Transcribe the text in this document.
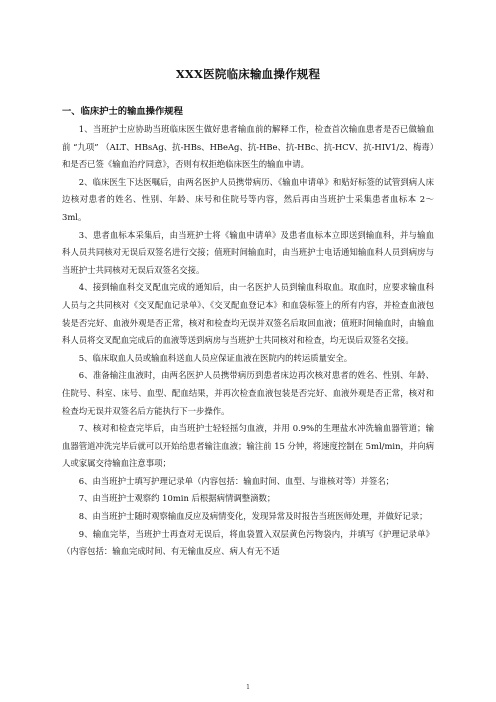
XXX医院临床输血操作规程
一、临床护士的输血操作规程

1、当班护士应协助当班临床医生做好患者输血前的解释工作，检查首次输血患者是否已做输血前 “九项” （ALT、HBsAg、抗-HBs、HBeAg、抗-HBe、抗-HBc、抗-HCV、抗-HIV1/2、梅毒）和是否已签《输血治疗同意》，否则有权拒绝临床医生的输血申请。

2、临床医生下达医嘱后，由两名医护人员携带病历、《输血申请单》和贴好标签的试管到病人床边核对患者的姓名、性别、年龄、床号和住院号等内容，然后再由当班护士采集患者血标本 2～3ml。

3、患者血标本采集后，由当班护士将《输血申请单》及患者血标本立即送到输血科，并与输血科人员共同核对无误后双签名进行交接；值班时间输血时，由当班护士电话通知输血科人员到病房与当班护士共同核对无误后双签名交接。

4、接到输血科交叉配血完成的通知后，由一名医护人员到输血科取血。取血时，应要求输血科人员与之共同核对《交叉配血记录单》、《交叉配血登记本》和血袋标签上的所有内容，并检查血液包装是否完好、血液外观是否正常，核对和检查均无误并双签名后取回血液；值班时间输血时，由输血科人员将交叉配血完成后的血液等送到病房与当班护士共同核对和检查，均无误后双签名交接。

5、临床取血人员或输血科送血人员应保证血液在医院内的转运质量安全。

6、准备输注血液时，由两名医护人员携带病历到患者床边再次核对患者的姓名、性别、年龄、住院号、科室、床号、血型、配血结果，并再次检查血液包装是否完好、血液外观是否正常，核对和检查均无误并双签名后方能执行下一步操作。

7、核对和检查完毕后，由当班护士轻轻摇匀血液，并用 0.9%的生理盐水冲洗输血器管道；输血器管道冲洗完毕后就可以开始给患者输注血液；输注前 15 分钟，将速度控制在 5ml/min，并向病人或家属交待输血注意事项；

6、由当班护士填写护理记录单（内容包括：输血时间、血型、与谁核对等）并签名；

7、由当班护士观察约 10min 后根据病情调整滴数；

8、由当班护士随时观察输血反应及病情变化，发现异常及时报告当班医师处理，并做好记录；

9、输血完毕，当班护士再查对无误后，将血袋置入双层黄色污物袋内，并填写《护理记录单》（内容包括：输血完成时间、有无输血反应、病人有无不适

1
